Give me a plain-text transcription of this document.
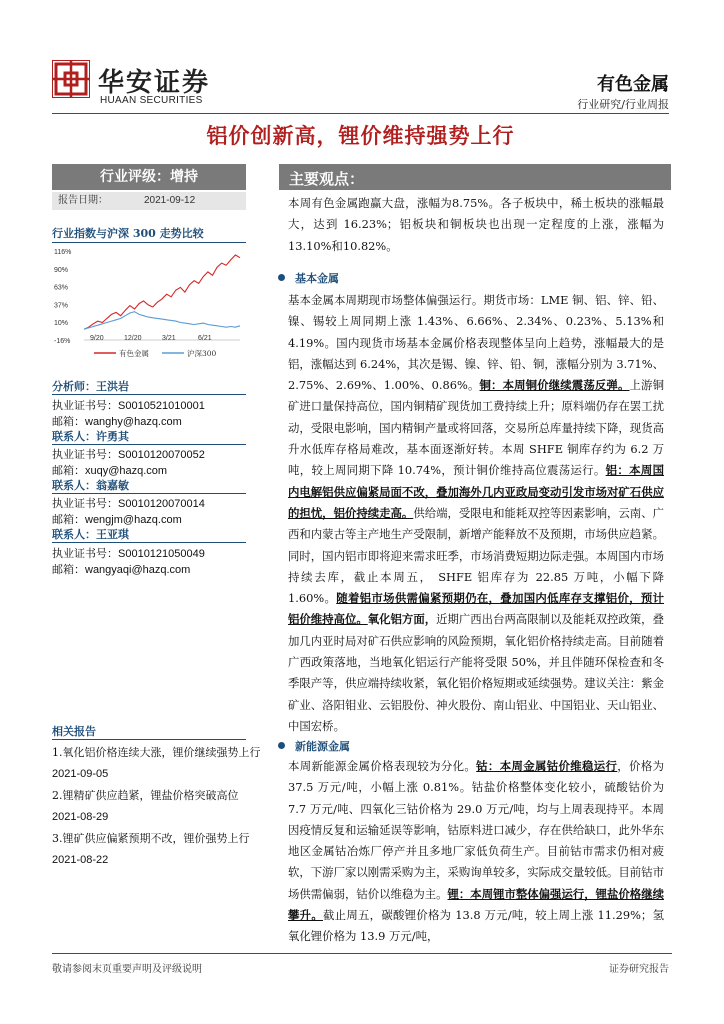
华安证券
HUAAN SECURITIES
有色金属
行业研究/行业周报
铝价创新高，锂价维持强势上行
行业评级：增持
报告日期：	2021-09-12
行业指数与沪深 300 走势比较
116%
90%
63%
37%
10%
-16%	9/20	12/20	3/21	6/21
有色金属	沪深300
分析师：王洪岩
执业证书号：S0010521010001
邮箱：wanghy@hazq.com
联系人：许勇其
执业证书号：S0010120070052
邮箱：xuqy@hazq.com
联系人：翁嘉敏
执业证书号：S0010120070014
邮箱：wengjm@hazq.com
联系人：王亚琪
执业证书号：S0010121050049
邮箱：wangyaqi@hazq.com
相关报告
1.氧化铝价格连续大涨，锂价继续强势上行 2021-09-05
2.锂精矿供应趋紧，锂盐价格突破高位 2021-08-29
3.锂矿供应偏紧预期不改，锂价强势上行 2021-08-22
主要观点：
本周有色金属跑赢大盘，涨幅为8.75%。各子板块中，稀土板块的涨幅最大，达到 16.23%；铝板块和铜板块也出现一定程度的上涨，涨幅为13.10%和10.82%。
基本金属
基本金属本周期现市场整体偏强运行。期货市场：LME 铜、铝、锌、铅、镍、锡较上周同期上涨 1.43%、6.66%、2.34%、0.23%、5.13%和4.19%。国内现货市场基本金属价格表现整体呈向上趋势，涨幅最大的是铝，涨幅达到 6.24%，其次是锡、镍、锌、铅、铜，涨幅分别为 3.71%、2.75%、2.69%、1.00%、0.86%。铜：本周铜价继续震荡反弹。上游铜矿进口量保持高位，国内铜精矿现货加工费持续上升；原料端仍存在罢工扰动，受限电影响，国内精铜产量或将回落，交易所总库量持续下降，现货高升水低库存格局难改，基本面逐渐好转。本周 SHFE 铜库存约为 6.2 万吨，较上周同期下降 10.74%，预计铜价维持高位震荡运行。铝：本周国内电解铝供应偏紧局面不改，叠加海外几内亚政局变动引发市场对矿石供应的担忧，铝价持续走高。供给端，受限电和能耗双控等因素影响，云南、广西和内蒙古等主产地生产受限制，新增产能释放不及预期，市场供应趋紧。同时，国内铝市即将迎来需求旺季，市场消费短期边际走强。本周国内市场持续去库，截止本周五， SHFE 铝库存为 22.85 万吨，小幅下降 1.60%。随着铝市场供需偏紧预期仍在，叠加国内低库存支撑铝价，预计铝价维持高位。氧化铝方面，近期广西出台两高限制以及能耗双控政策，叠加几内亚时局对矿石供应影响的风险预期，氧化铝价格持续走高。目前随着广西政策落地，当地氧化铝运行产能将受限 50%，并且伴随环保检查和冬季限产等，供应端持续收紧，氧化铝价格短期或延续强势。建议关注：紫金矿业、洛阳钼业、云铝股份、神火股份、南山铝业、中国铝业、天山铝业、中国宏桥。
新能源金属
本周新能源金属价格表现较为分化。钴：本周金属钴价维稳运行，价格为 37.5 万元/吨，小幅上涨 0.81%。钴盐价格整体变化较小，硫酸钴价为 7.7 万元/吨、四氧化三钴价格为 29.0 万元/吨，均与上周表现持平。本周因疫情反复和运输延误等影响，钴原料进口减少，存在供给缺口，此外华东地区金属钴冶炼厂停产并且多地厂家低负荷生产。目前钴市需求仍相对疲软，下游厂家以刚需采购为主，采购询单较多，实际成交量较低。目前钴市场供需偏弱，钴价以维稳为主。锂：本周锂市整体偏强运行，锂盐价格继续攀升。截止周五，碳酸锂价格为 13.8 万元/吨，较上周上涨 11.29%；氢氧化锂价格为 13.9 万元/吨，
敬请参阅末页重要声明及评级说明	证券研究报告
